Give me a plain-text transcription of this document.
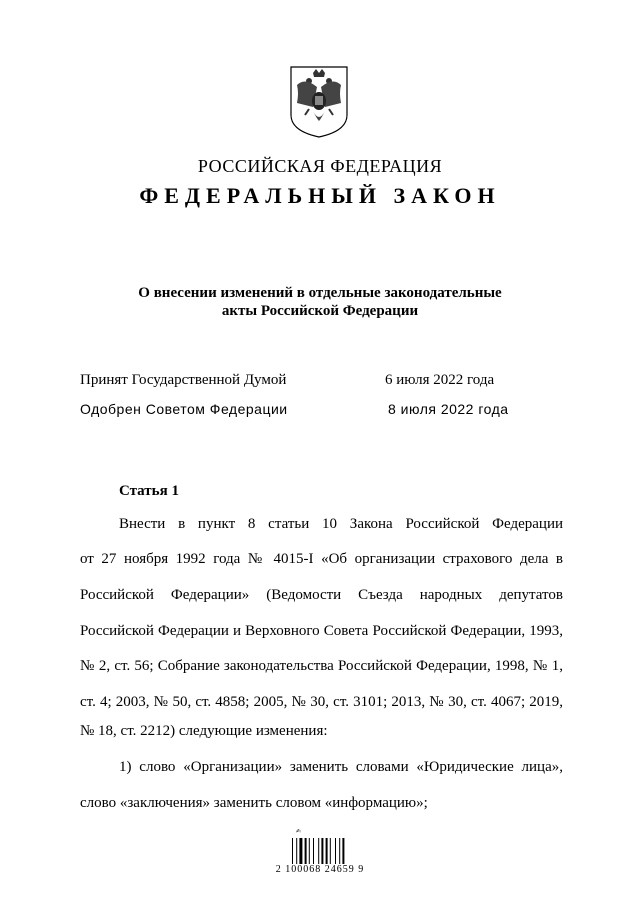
РОССИЙСКАЯ ФЕДЕРАЦИЯ
ФЕДЕРАЛЬНЫЙ ЗАКОН
О внесении изменений в отдельные законодательные
акты Российской Федерации
Принят Государственной Думой	6 июля 2022 года
Одобрен Советом Федерации	8 июля 2022 года
Статья 1
Внести в пункт 8 статьи 10 Закона Российской Федерации
от 27 ноября 1992 года № 4015-I «Об организации страхового дела в
Российской Федерации» (Ведомости Съезда народных депутатов
Российской Федерации и Верховного Совета Российской Федерации, 1993,
№ 2, ст. 56; Собрание законодательства Российской Федерации, 1998, № 1,
ст. 4; 2003, № 50, ст. 4858; 2005, № 30, ст. 3101; 2013, № 30, ст. 4067; 2019,
№ 18, ст. 2212) следующие изменения:
1) слово «Организации» заменить словами «Юридические лица»,
слово «заключения» заменить словом «информацию»;
✍
2 100068 24659 9
